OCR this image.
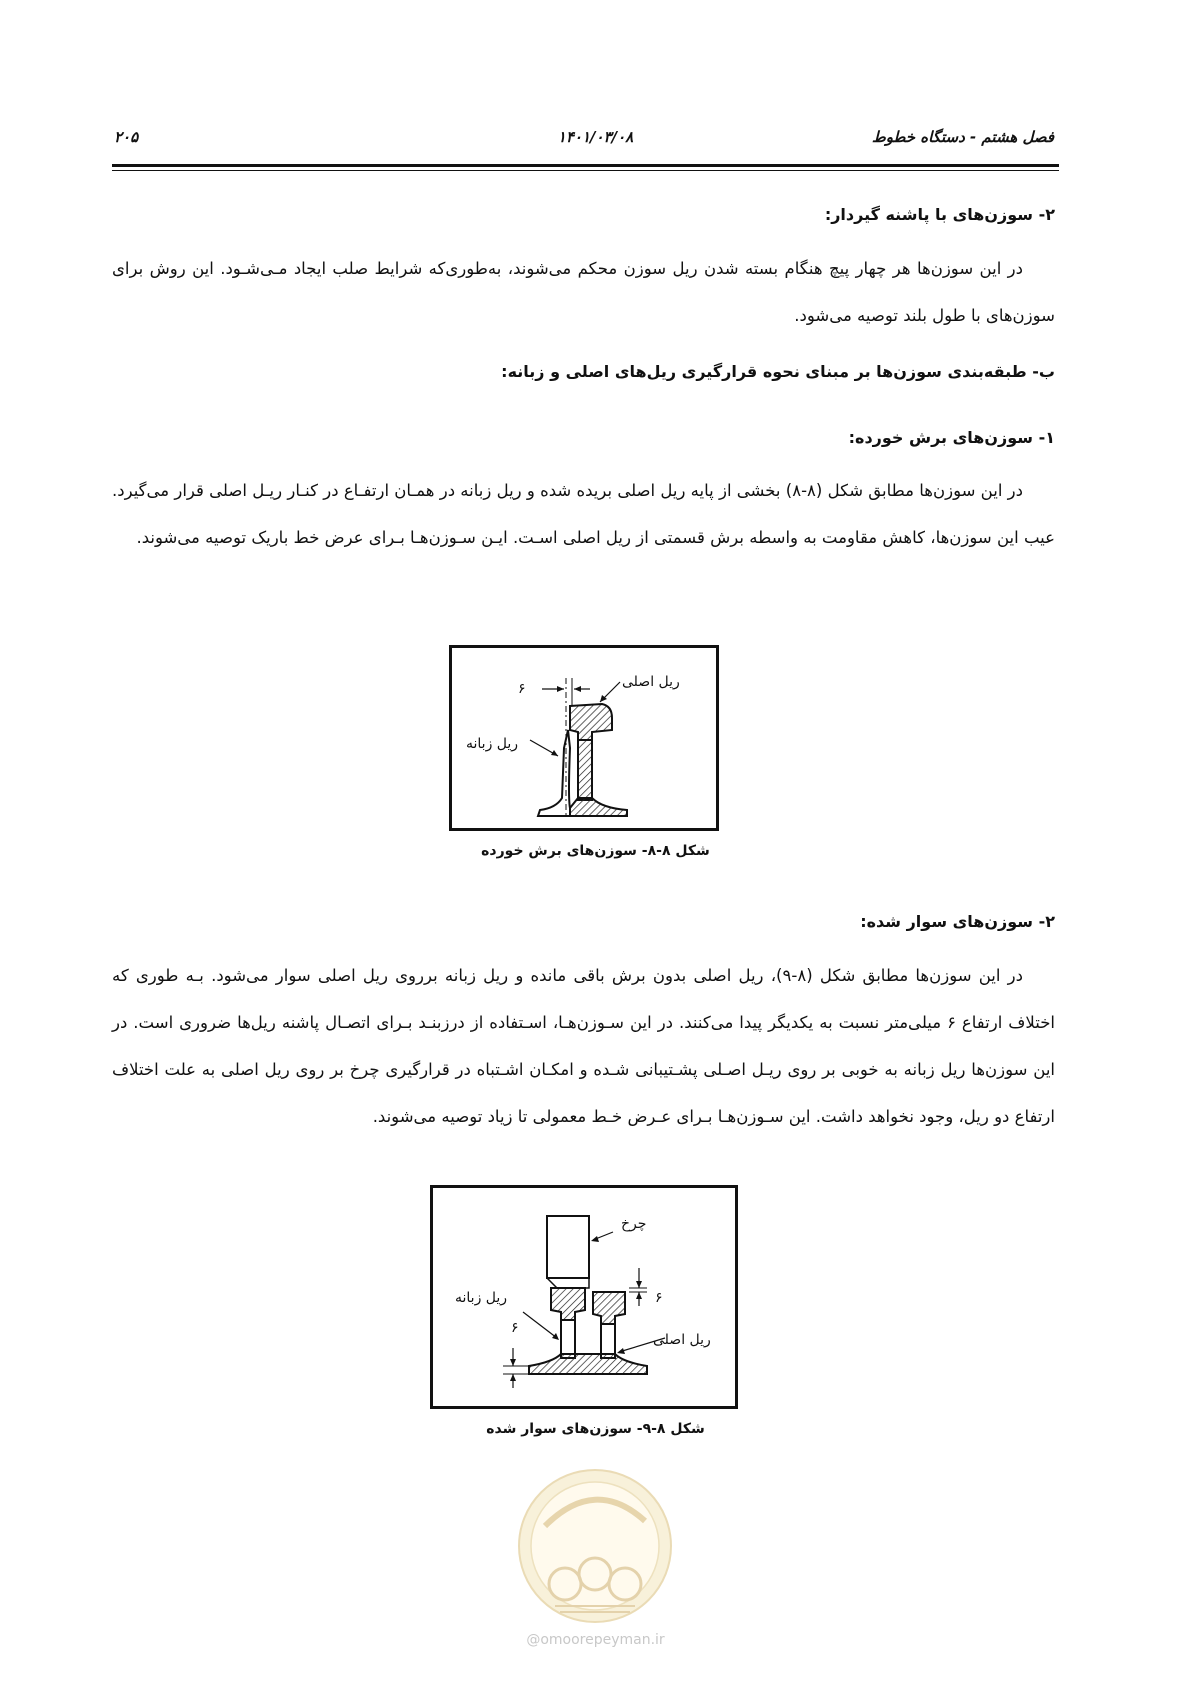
فصل هشتم - دستگاه خطوط
۱۴۰۱/۰۳/۰۸
۲۰۵
۲- سوزن‌های با پاشنه گیردار:

در این سوزن‌ها هر چهار پیچ هنگام بسته شدن ریل سوزن محکم می‌شوند، به‌طوری‌که شرایط صلب ایجاد مـی‌شـود. این روش برای سوزن‌های با طول بلند توصیه می‌شود.

ب- طبقه‌بندی سوزن‌ها بر مبنای نحوه قرارگیری ریل‌های اصلی و زبانه:
۱- سوزن‌های برش خورده:

در این سوزن‌ها مطابق شکل (۸-۸) بخشی از پایه ریل اصلی بریده شده و ریل زبانه در همـان ارتفـاع در کنـار ریـل اصلی قرار می‌گیرد. عیب این سوزن‌ها، کاهش مقاومت به واسطه برش قسمتی از ریل اصلی اسـت. ایـن سـوزن‌هـا بـرای عرض خط باریک توصیه می‌شوند.

ریل اصلی
ریل زبانه
۶
شکل ۸-۸- سوزن‌های برش خورده
۲- سوزن‌های سوار شده:

در این سوزن‌ها مطابق شکل (۸-۹)، ریل اصلی بدون برش باقی مانده و ریل زبانه برروی ریل اصلی سوار می‌شود. بـه طوری که اختلاف ارتفاع ۶ میلی‌متر نسبت به یکدیگر پیدا می‌کنند. در این سـوزن‌هـا، اسـتفاده از درزبنـد بـرای اتصـال پاشنه ریل‌ها ضروری است. در این سوزن‌ها ریل زبانه به خوبی بر روی ریـل اصـلی پشـتیبانی شـده و امکـان اشـتباه در قرارگیری چرخ بر روی ریل اصلی به علت اختلاف ارتفاع دو ریل، وجود نخواهد داشت. این سـوزن‌هـا بـرای عـرض خـط معمولی تا زیاد توصیه می‌شوند.

چرخ
ریل زبانه
ریل اصلی
۶
۶
شکل ۸-۹- سوزن‌های سوار شده
@omoorepeyman.ir
